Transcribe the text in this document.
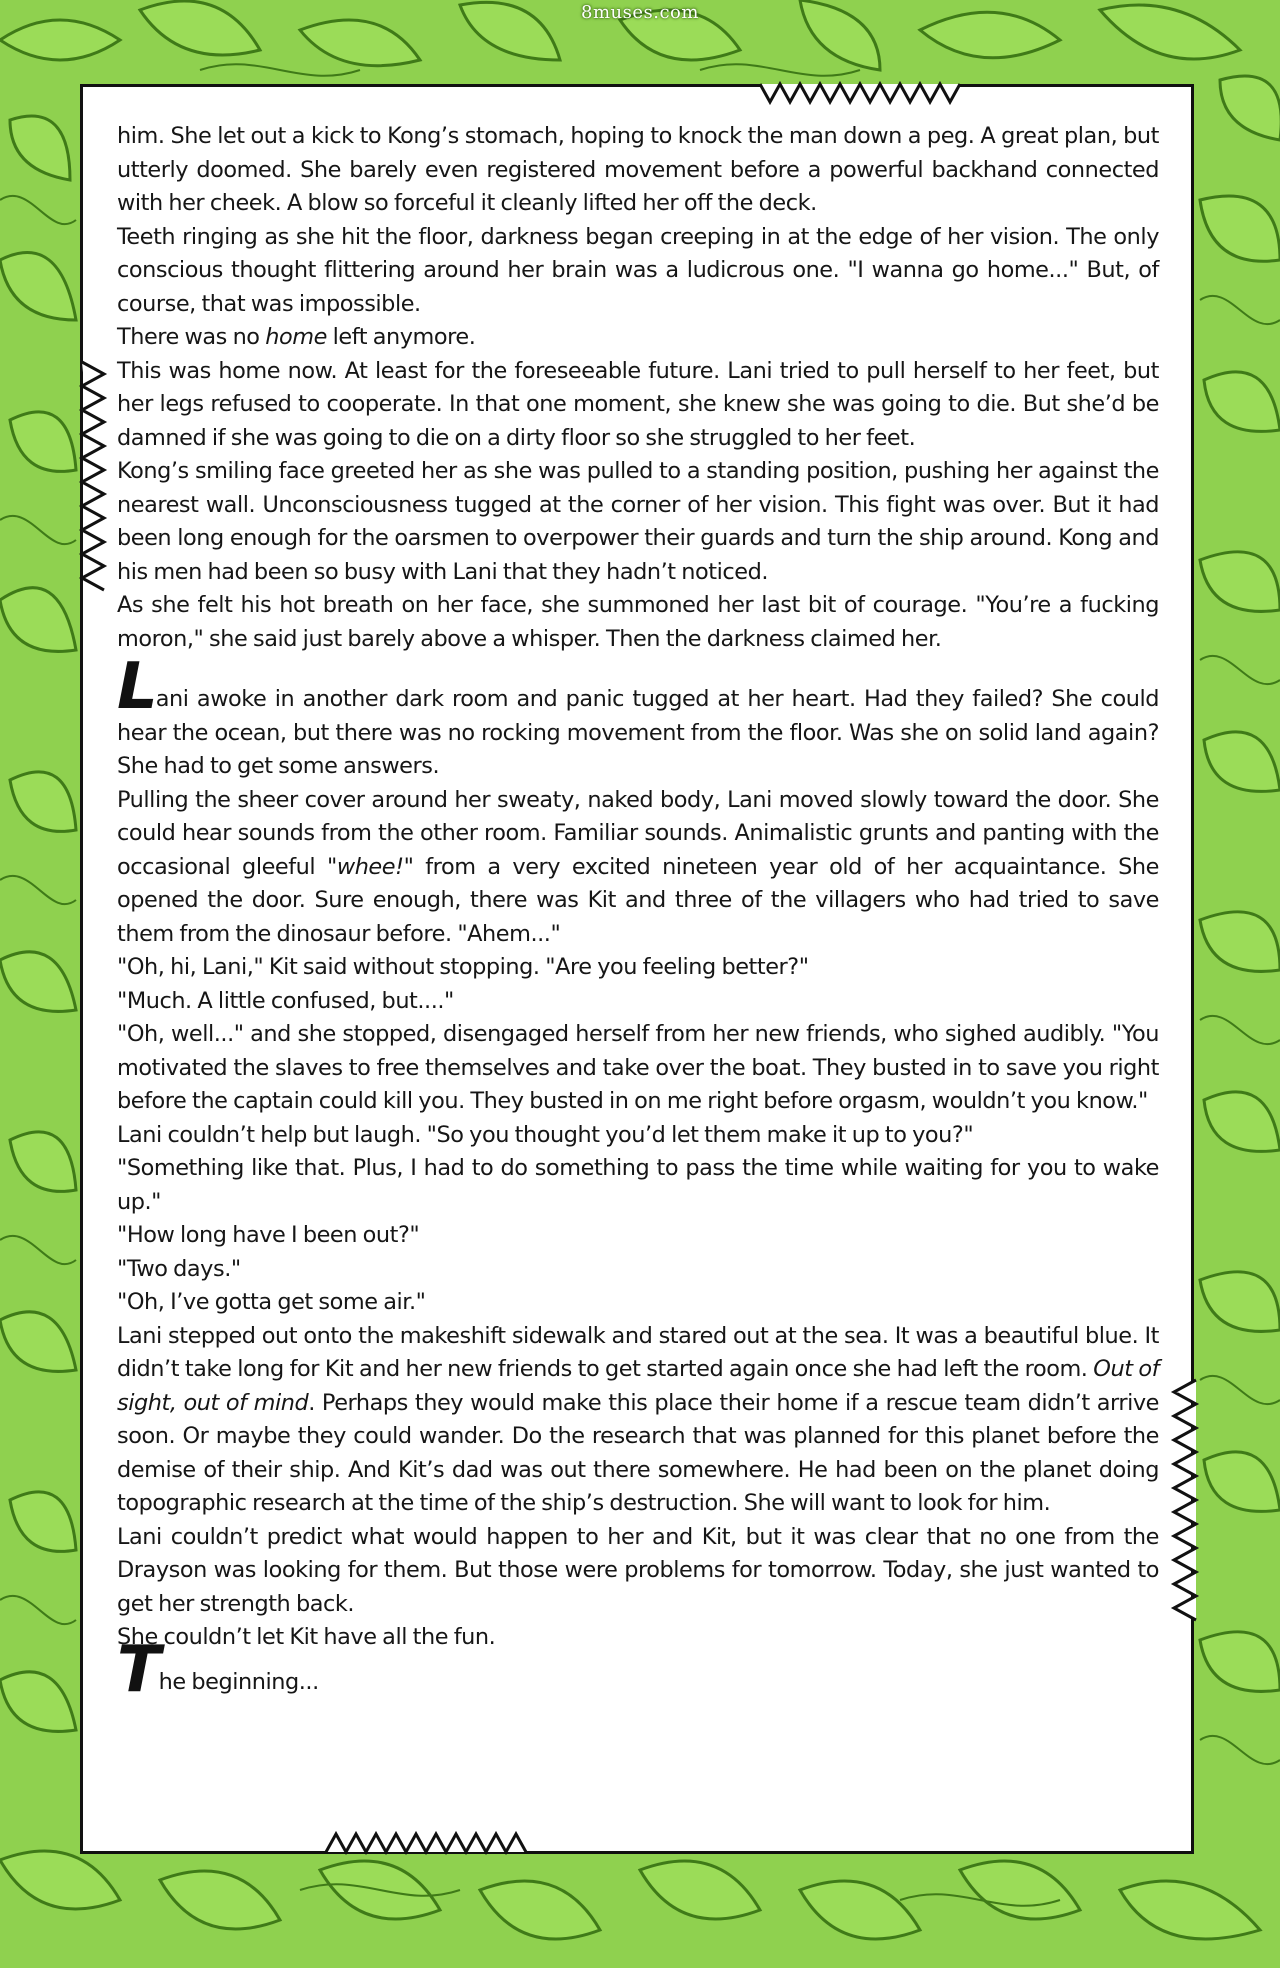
8muses.com

him. She let out a kick to Kong’s stomach, hoping to knock the man down a peg. A great plan, but utterly doomed. She barely even registered movement before a powerful backhand connected with her cheek. A blow so forceful it cleanly lifted her off the deck.

Teeth ringing as she hit the floor, darkness began creeping in at the edge of her vision. The only conscious thought flittering around her brain was a ludicrous one. "I wanna go home..." But, of course, that was impossible.

There was no home left anymore.

This was home now. At least for the foreseeable future. Lani tried to pull herself to her feet, but her legs refused to cooperate. In that one moment, she knew she was going to die. But she’d be damned if she was going to die on a dirty floor so she struggled to her feet.

Kong’s smiling face greeted her as she was pulled to a standing position, pushing her against the nearest wall. Unconsciousness tugged at the corner of her vision. This fight was over. But it had been long enough for the oarsmen to overpower their guards and turn the ship around. Kong and his men had been so busy with Lani that they hadn’t noticed.

As she felt his hot breath on her face, she summoned her last bit of courage. "You’re a fucking moron," she said just barely above a whisper. Then the darkness claimed her.

Lani awoke in another dark room and panic tugged at her heart. Had they failed? She could hear the ocean, but there was no rocking movement from the floor. Was she on solid land again? She had to get some answers.

Pulling the sheer cover around her sweaty, naked body, Lani moved slowly toward the door. She could hear sounds from the other room. Familiar sounds. Animalistic grunts and panting with the occasional gleeful "whee!" from a very excited nineteen year old of her acquaintance. She opened the door. Sure enough, there was Kit and three of the villagers who had tried to save them from the dinosaur before. "Ahem..."

"Oh, hi, Lani," Kit said without stopping. "Are you feeling better?"

"Much. A little confused, but...."

"Oh, well..." and she stopped, disengaged herself from her new friends, who sighed audibly. "You motivated the slaves to free themselves and take over the boat. They busted in to save you right before the captain could kill you. They busted in on me right before orgasm, wouldn’t you know."

Lani couldn’t help but laugh. "So you thought you’d let them make it up to you?"

"Something like that. Plus, I had to do something to pass the time while waiting for you to wake up."

"How long have I been out?"

"Two days."

"Oh, I’ve gotta get some air."

Lani stepped out onto the makeshift sidewalk and stared out at the sea. It was a beautiful blue. It didn’t take long for Kit and her new friends to get started again once she had left the room. Out of sight, out of mind. Perhaps they would make this place their home if a rescue team didn’t arrive soon. Or maybe they could wander. Do the research that was planned for this planet before the demise of their ship. And Kit’s dad was out there somewhere. He had been on the planet doing topographic research at the time of the ship’s destruction. She will want to look for him.

Lani couldn’t predict what would happen to her and Kit, but it was clear that no one from the Drayson was looking for them. But those were problems for tomorrow. Today, she just wanted to get her strength back.

She couldn’t let Kit have all the fun.

The beginning...
